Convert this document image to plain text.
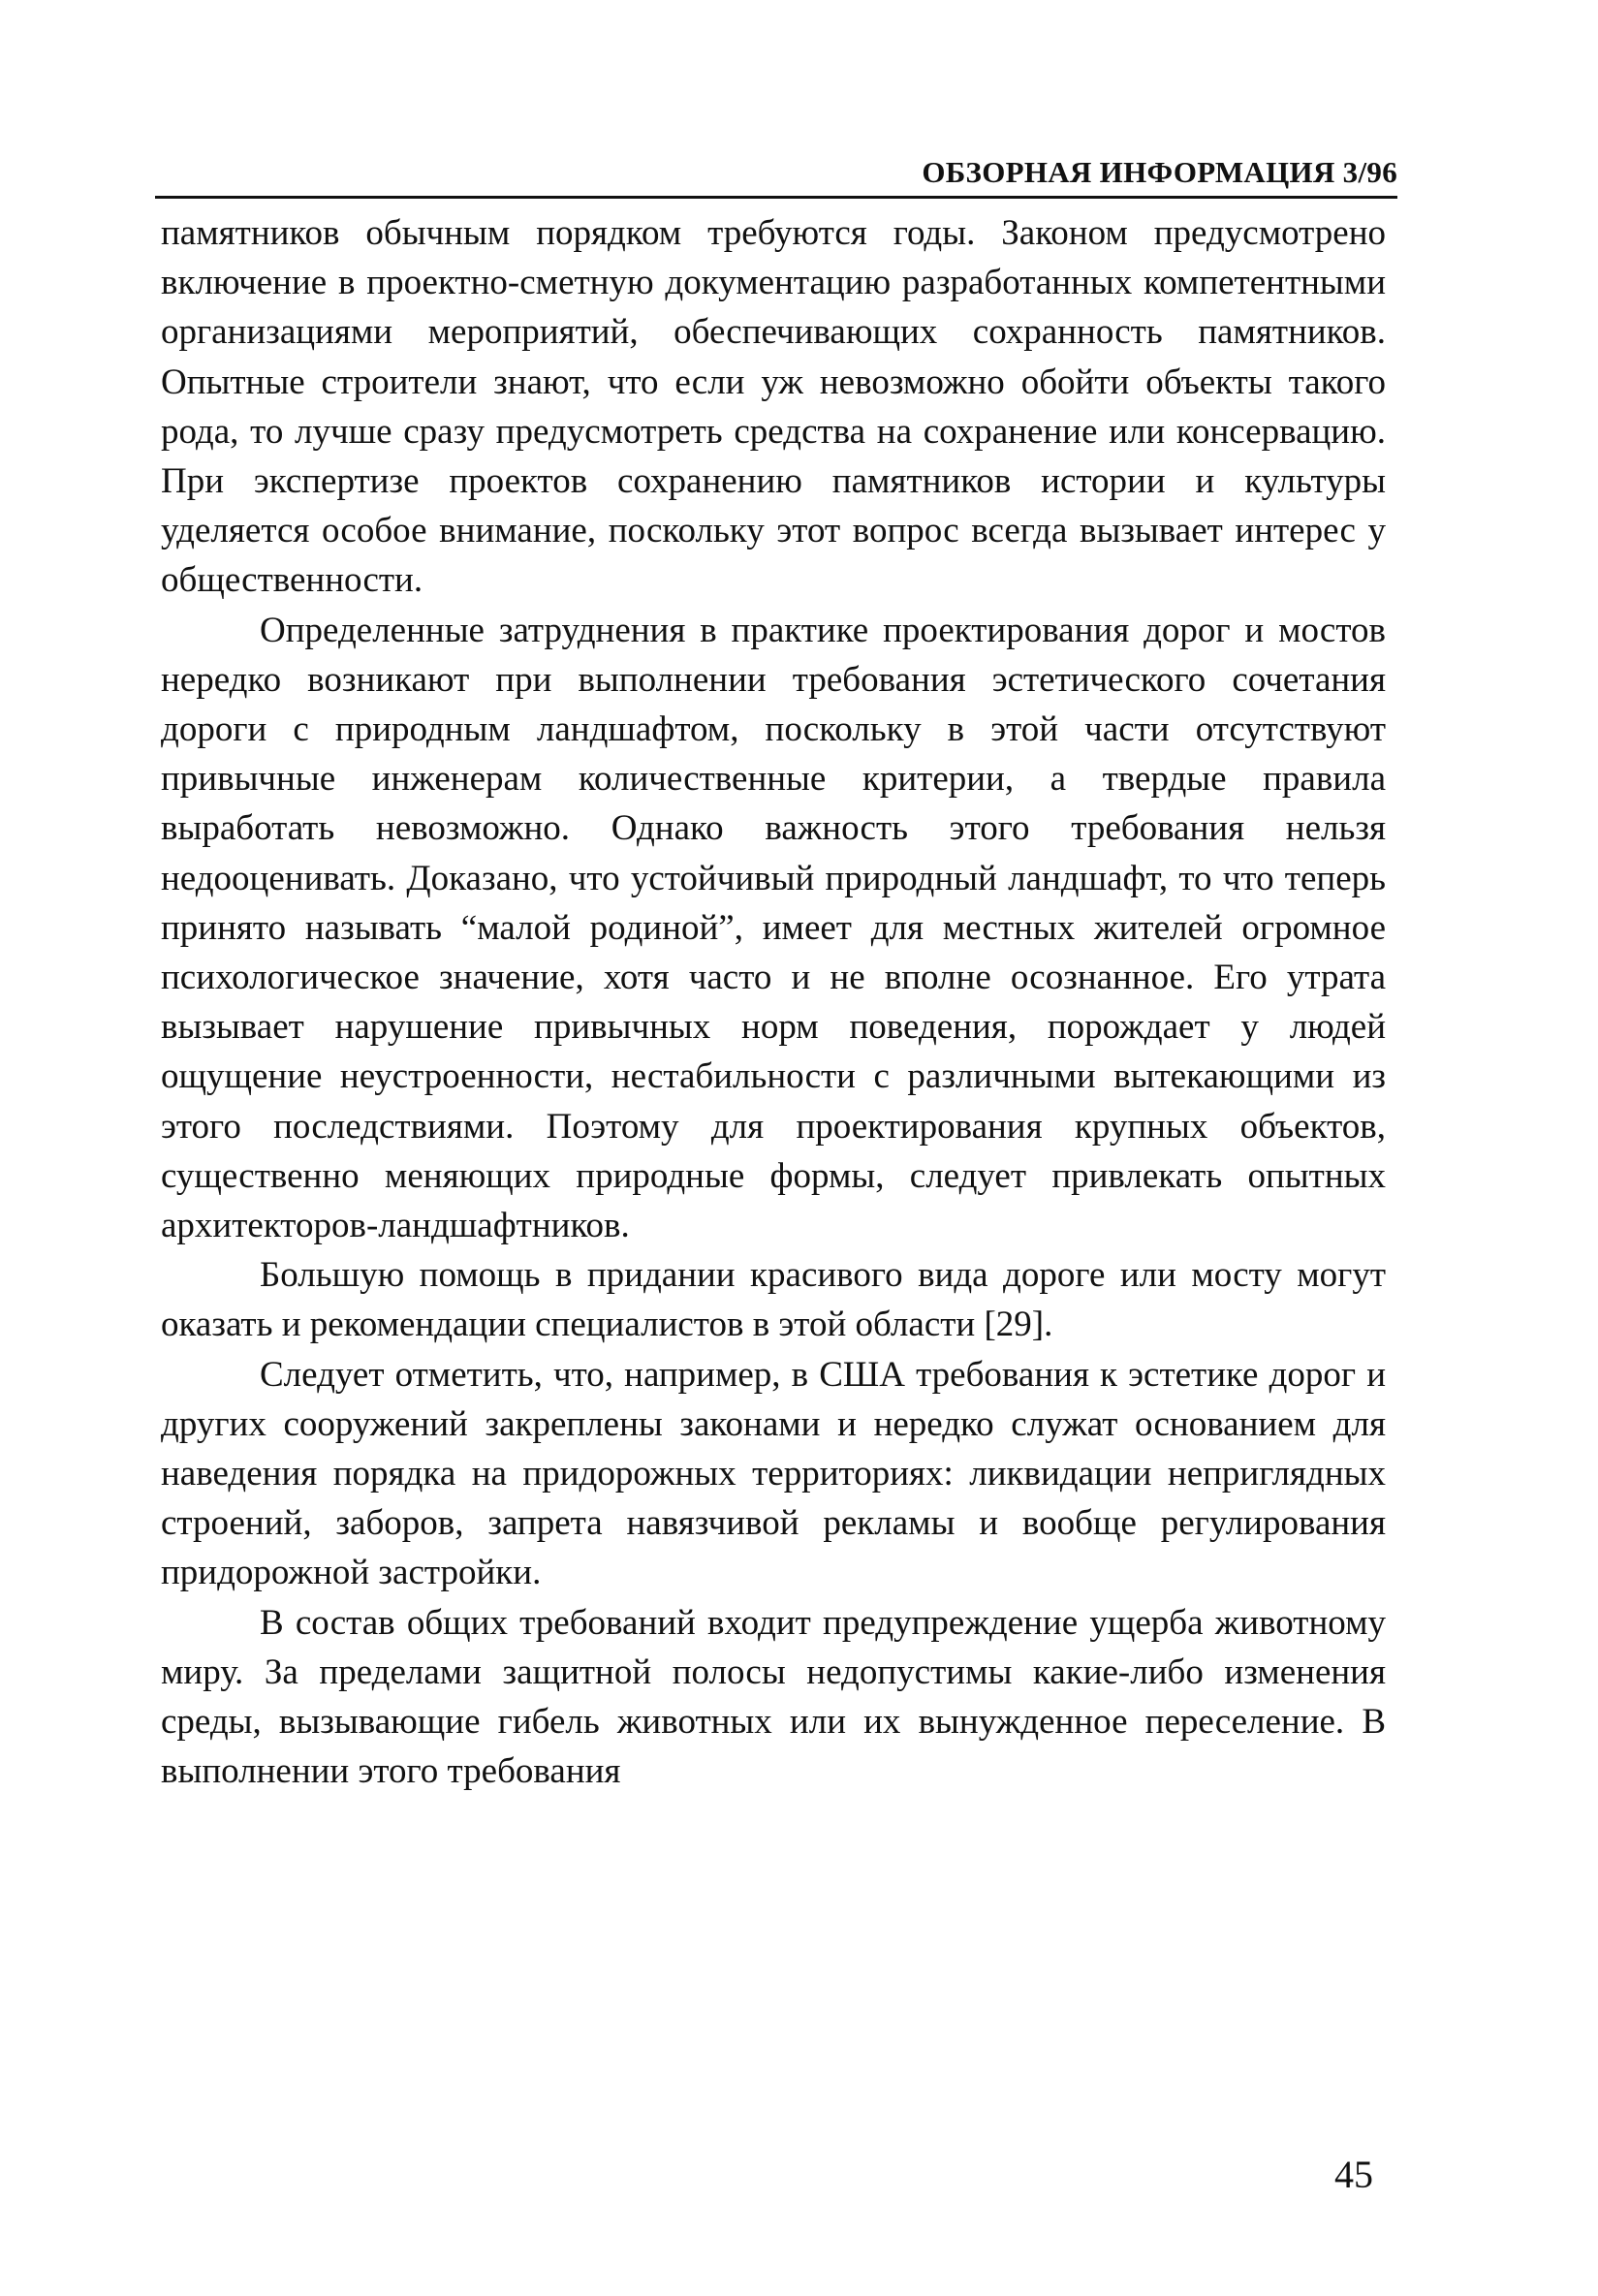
ОБЗОРНАЯ ИНФОРМАЦИЯ 3/96

памятников обычным порядком требуются годы. Законом предусмотрено включение в проектно-сметную документацию разработанных компетентными организациями мероприятий, обеспечивающих сохранность памятников. Опытные строители знают, что если уж невозможно обойти объекты такого рода, то лучше сразу предусмотреть средства на сохранение или консервацию. При экспертизе проектов сохранению памятников истории и культуры уделяется особое внимание, поскольку этот вопрос всегда вызывает интерес у общественности.

Определенные затруднения в практике проектирования дорог и мостов нередко возникают при выполнении требования эстетического сочетания дороги с природным ландшафтом, поскольку в этой части отсутствуют привычные инженерам количественные критерии, а твердые правила выработать невозможно. Однако важность этого требования нельзя недооценивать. Доказано, что устойчивый природный ландшафт, то что теперь принято называть “малой родиной”, имеет для местных жителей огромное психологическое значение, хотя часто и не вполне осознанное. Его утрата вызывает нарушение привычных норм поведения, порождает у людей ощущение неустроенности, нестабильности с различными вытекающими из этого последствиями. Поэтому для проектирования крупных объектов, существенно меняющих природные формы, следует привлекать опытных архитекторов-ландшафтников.

Большую помощь в придании красивого вида дороге или мосту могут оказать и рекомендации специалистов в этой области [29].

Следует отметить, что, например, в США требования к эстетике дорог и других сооружений закреплены законами и нередко служат основанием для наведения порядка на придорожных территориях: ликвидации неприглядных строений, заборов, запрета навязчивой рекламы и вообще регулирования придорожной застройки.

В состав общих требований входит предупреждение ущерба животному миру. За пределами защитной полосы недопустимы какие-либо изменения среды, вызывающие гибель животных или их вынужденное переселение. В выполнении этого требования

45
